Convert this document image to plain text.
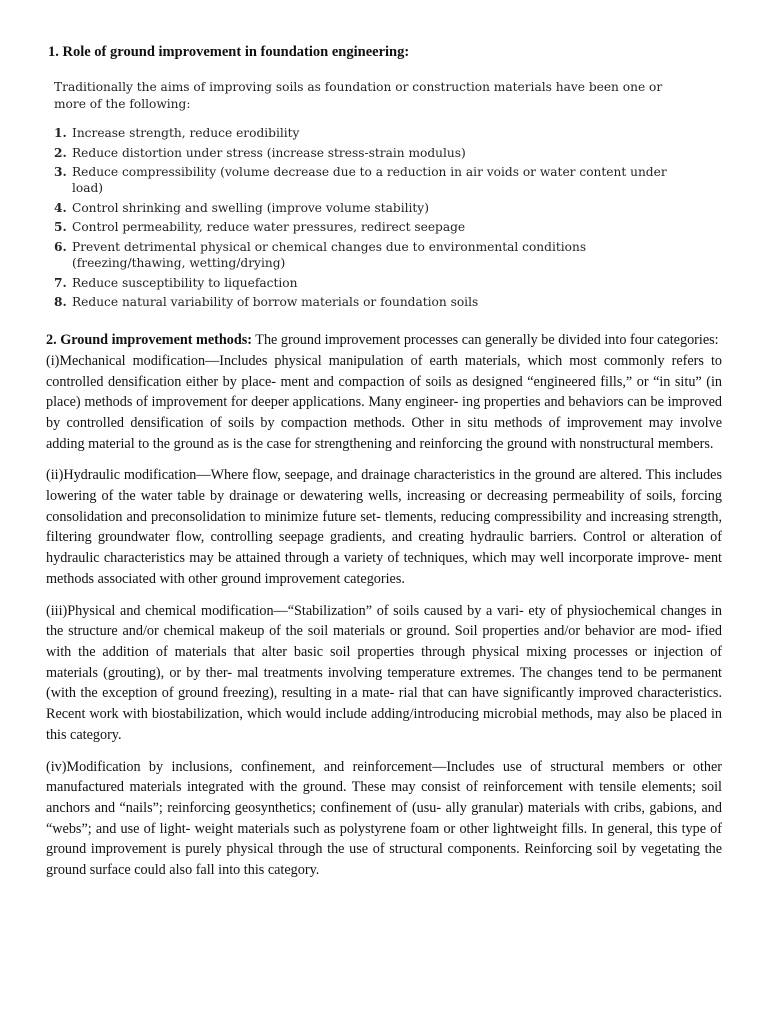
1. Role of ground improvement in foundation engineering:

Traditionally the aims of improving soils as foundation or construction materials have been one or more of the following:

1. Increase strength, reduce erodibility
2. Reduce distortion under stress (increase stress-strain modulus)
3. Reduce compressibility (volume decrease due to a reduction in air voids or water content under load)
4. Control shrinking and swelling (improve volume stability)
5. Control permeability, reduce water pressures, redirect seepage
6. Prevent detrimental physical or chemical changes due to environmental conditions (freezing/thawing, wetting/drying)
7. Reduce susceptibility to liquefaction
8. Reduce natural variability of borrow materials or foundation soils

2. Ground improvement methods: The ground improvement processes can generally be divided into four categories:
(i)Mechanical modification—Includes physical manipulation of earth materials, which most commonly refers to controlled densification either by place- ment and compaction of soils as designed “engineered fills,” or “in situ” (in place) methods of improvement for deeper applications. Many engineer- ing properties and behaviors can be improved by controlled densification of soils by compaction methods. Other in situ methods of improvement may involve adding material to the ground as is the case for strengthening and reinforcing the ground with nonstructural members.

(ii)Hydraulic modification—Where flow, seepage, and drainage characteristics in the ground are altered. This includes lowering of the water table by drainage or dewatering wells, increasing or decreasing permeability of soils, forcing consolidation and preconsolidation to minimize future set- tlements, reducing compressibility and increasing strength, filtering groundwater flow, controlling seepage gradients, and creating hydraulic barriers. Control or alteration of hydraulic characteristics may be attained through a variety of techniques, which may well incorporate improve- ment methods associated with other ground improvement categories.

(iii)Physical and chemical modification—“Stabilization” of soils caused by a vari- ety of physiochemical changes in the structure and/or chemical makeup of the soil materials or ground. Soil properties and/or behavior are mod- ified with the addition of materials that alter basic soil properties through physical mixing processes or injection of materials (grouting), or by ther- mal treatments involving temperature extremes. The changes tend to be permanent (with the exception of ground freezing), resulting in a mate- rial that can have significantly improved characteristics. Recent work with biostabilization, which would include adding/introducing microbial methods, may also be placed in this category.

(iv)Modification by inclusions, confinement, and reinforcement—Includes use of structural members or other manufactured materials integrated with the ground. These may consist of reinforcement with tensile elements; soil anchors and “nails”; reinforcing geosynthetics; confinement of (usu- ally granular) materials with cribs, gabions, and “webs”; and use of light- weight materials such as polystyrene foam or other lightweight fills. In general, this type of ground improvement is purely physical through the use of structural components. Reinforcing soil by vegetating the ground surface could also fall into this category.
